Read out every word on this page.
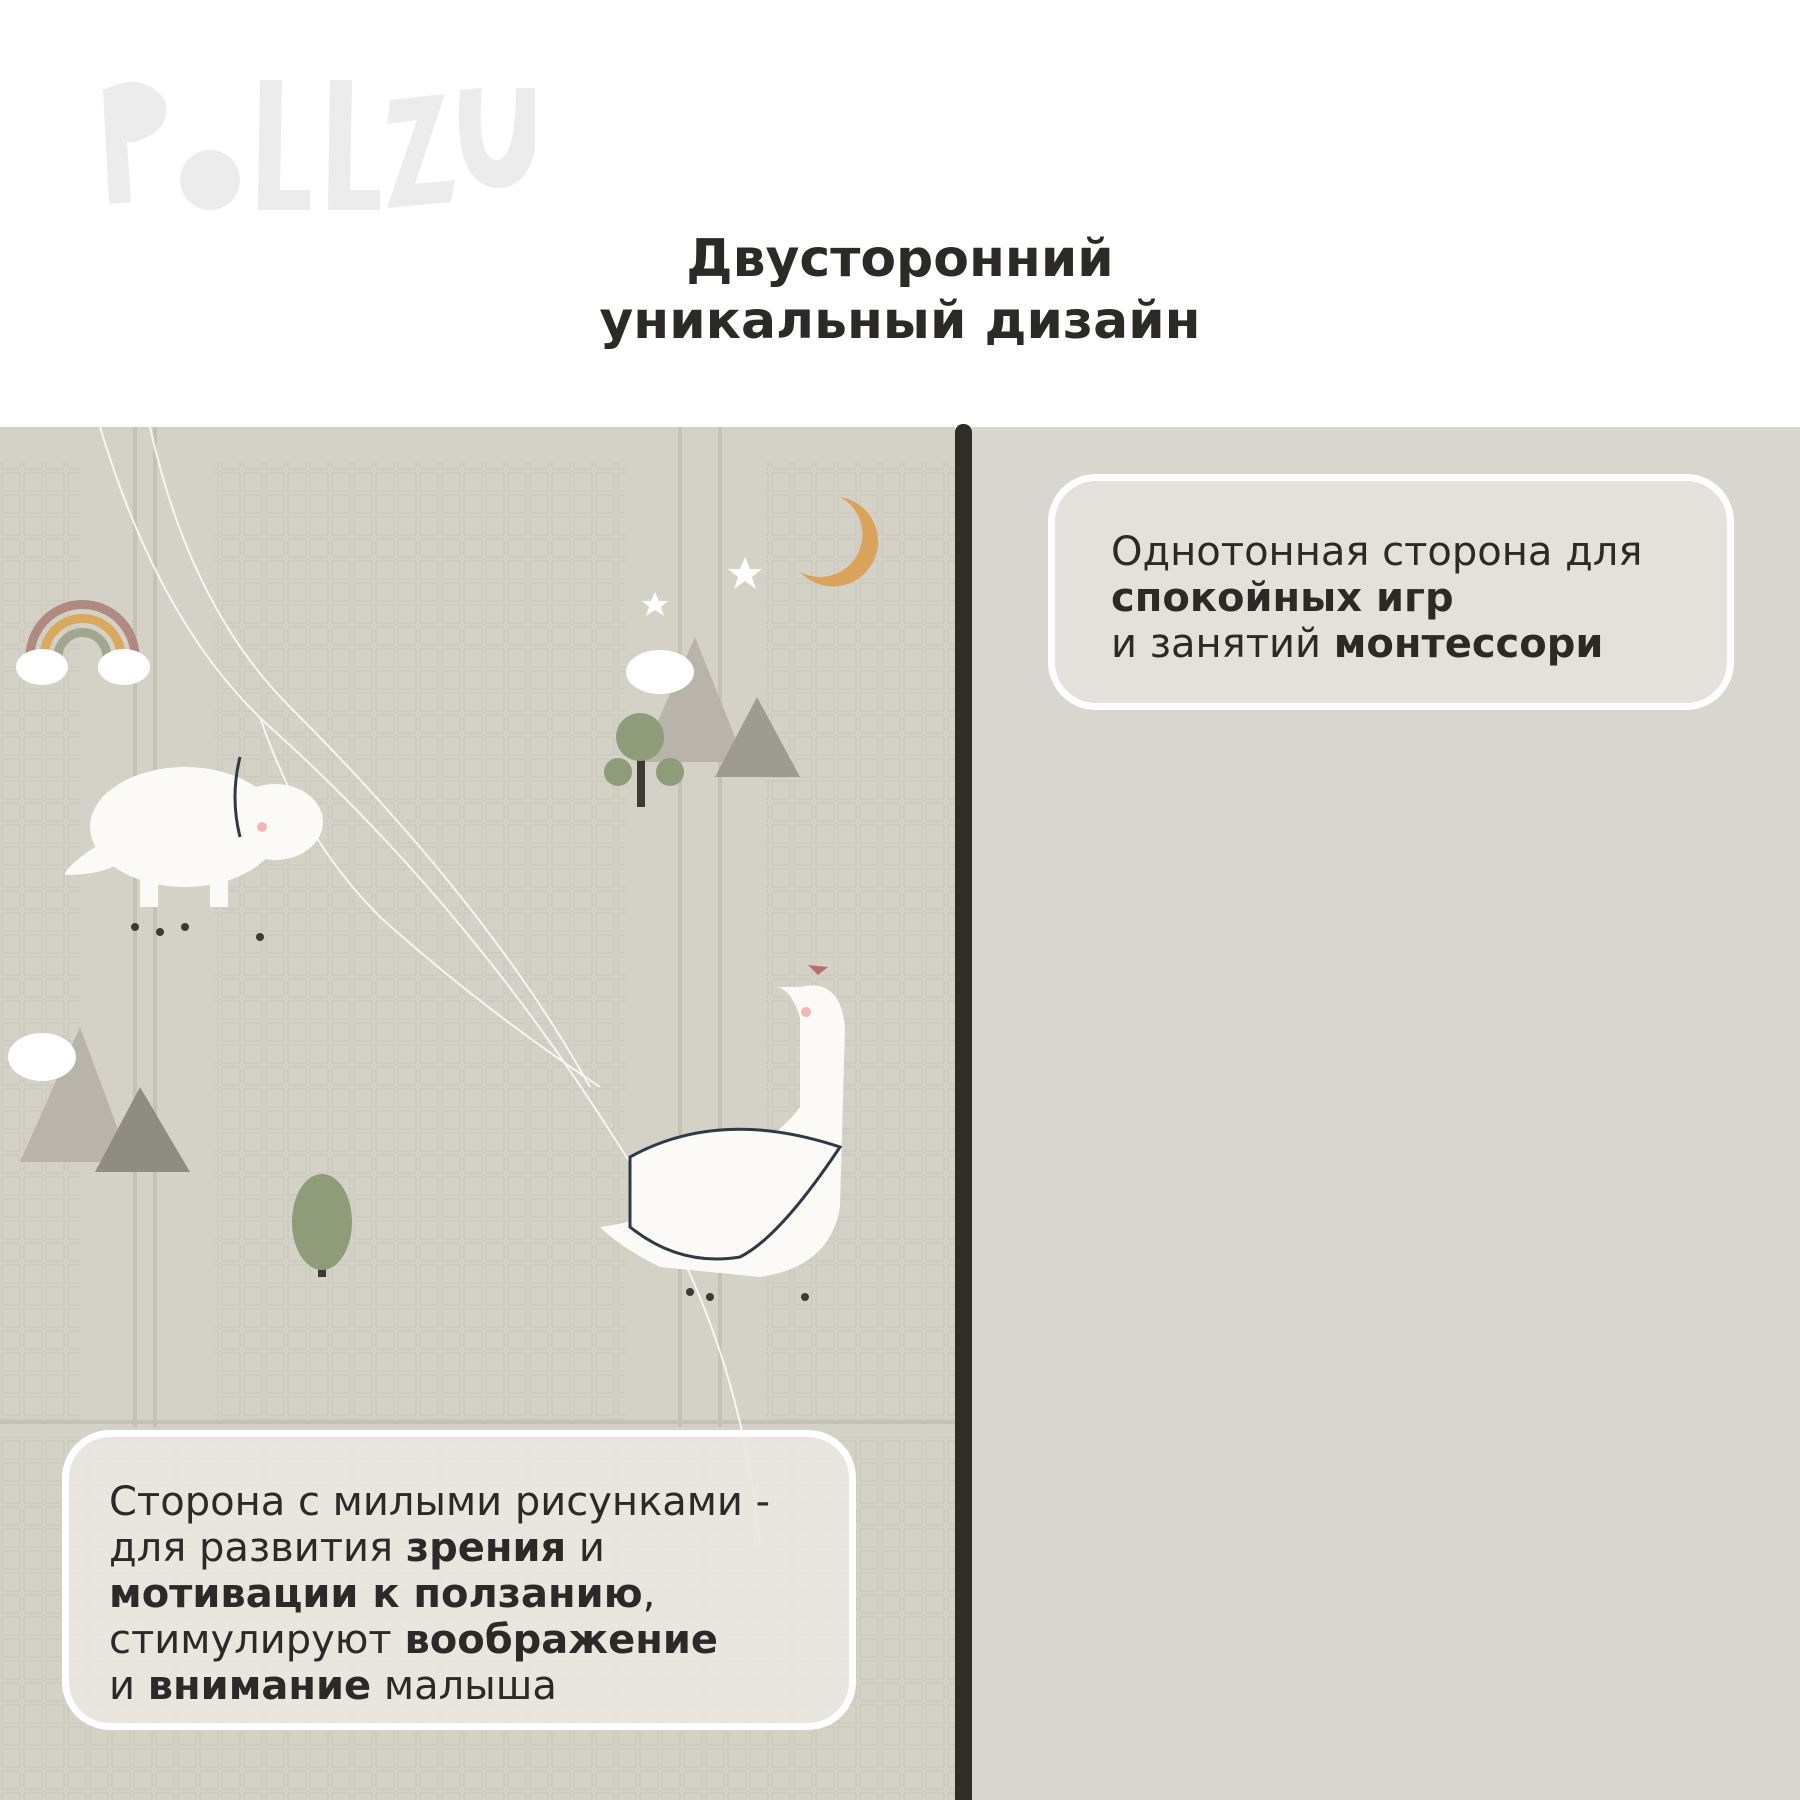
Двусторонний
уникальный дизайн

Однотонная сторона для

спокойных игр

и занятий монтессори

Сторона с милыми рисунками -

для развития зрения и

мотивации к ползанию,

стимулируют воображение

и внимание малыша
